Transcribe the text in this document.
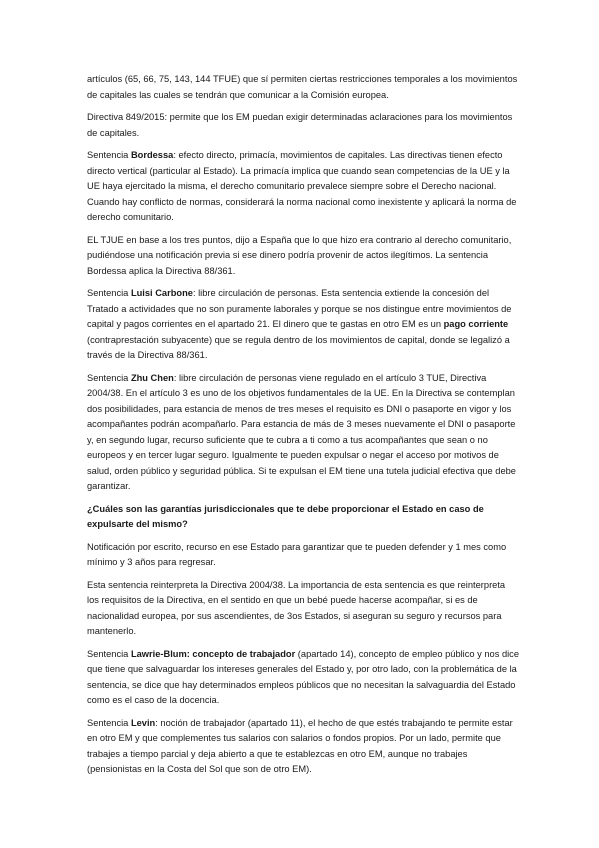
artículos (65, 66, 75, 143, 144 TFUE) que sí permiten ciertas restricciones temporales a los movimientos de capitales las cuales se tendrán que comunicar a la Comisión europea.

Directiva 849/2015: permite que los EM puedan exigir determinadas aclaraciones para los movimientos de capitales.

Sentencia Bordessa: efecto directo, primacía, movimientos de capitales. Las directivas tienen efecto directo vertical (particular al Estado). La primacía implica que cuando sean competencias de la UE y la UE haya ejercitado la misma, el derecho comunitario prevalece siempre sobre el Derecho nacional. Cuando hay conflicto de normas, considerará la norma nacional como inexistente y aplicará la norma de derecho comunitario.

EL TJUE en base a los tres puntos, dijo a España que lo que hizo era contrario al derecho comunitario, pudiéndose una notificación previa si ese dinero podría provenir de actos ilegítimos. La sentencia Bordessa aplica la Directiva 88/361.

Sentencia Luisi Carbone: libre circulación de personas. Esta sentencia extiende la concesión del Tratado a actividades que no son puramente laborales y porque se nos distingue entre movimientos de capital y pagos corrientes en el apartado 21. El dinero que te gastas en otro EM es un pago corriente (contraprestación subyacente) que se regula dentro de los movimientos de capital, donde se legalizó a través de la Directiva 88/361.

Sentencia Zhu Chen: libre circulación de personas viene regulado en el artículo 3 TUE, Directiva 2004/38. En el artículo 3 es uno de los objetivos fundamentales de la UE. En la Directiva se contemplan dos posibilidades, para estancia de menos de tres meses el requisito es DNI o pasaporte en vigor y los acompañantes podrán acompañarlo. Para estancia de más de 3 meses nuevamente el DNI o pasaporte y, en segundo lugar, recurso suficiente que te cubra a ti como a tus acompañantes que sean o no europeos y en tercer lugar seguro. Igualmente te pueden expulsar o negar el acceso por motivos de salud, orden público y seguridad pública. Si te expulsan el EM tiene una tutela judicial efectiva que debe garantizar.

¿Cuáles son las garantías jurisdiccionales que te debe proporcionar el Estado en caso de expulsarte del mismo?

Notificación por escrito, recurso en ese Estado para garantizar que te pueden defender y 1 mes como mínimo y 3 años para regresar.

Esta sentencia reinterpreta la Directiva 2004/38. La importancia de esta sentencia es que reinterpreta los requisitos de la Directiva, en el sentido en que un bebé puede hacerse acompañar, si es de nacionalidad europea, por sus ascendientes, de 3os Estados, si aseguran su seguro y recursos para mantenerlo.

Sentencia Lawrie-Blum: concepto de trabajador (apartado 14), concepto de empleo público y nos dice que tiene que salvaguardar los intereses generales del Estado y, por otro lado, con la problemática de la sentencia, se dice que hay determinados empleos públicos que no necesitan la salvaguardia del Estado como es el caso de la docencia.

Sentencia Levin: noción de trabajador (apartado 11), el hecho de que estés trabajando te permite estar en otro EM y que complementes tus salarios con salarios o fondos propios. Por un lado, permite que trabajes a tiempo parcial y deja abierto a que te establezcas en otro EM, aunque no trabajes (pensionistas en la Costa del Sol que son de otro EM).
